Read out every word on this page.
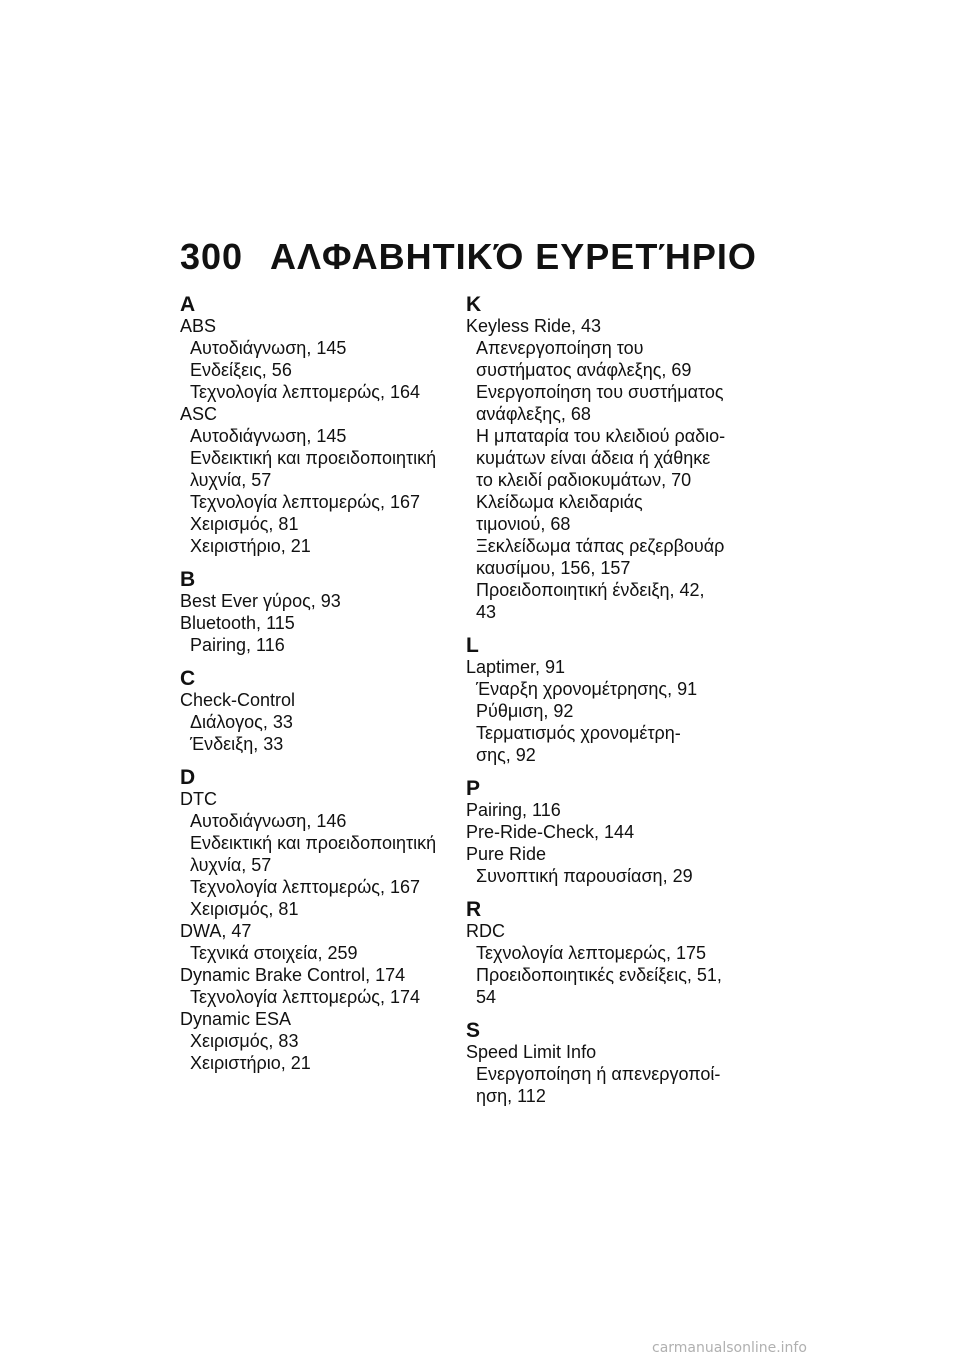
300 ΑΛΦΑΒΗΤΙΚΌ ΕΥΡΕΤΉΡΙΟ
A
ABS
Αυτοδιάγνωση, 145
Ενδείξεις, 56
Τεχνολογία λεπτομερώς, 164
ASC
Αυτοδιάγνωση, 145
Ενδεικτική και προειδοποιητική
λυχνία, 57
Τεχνολογία λεπτομερώς, 167
Χειρισμός, 81
Χειριστήριο, 21
B
Best Ever γύρος, 93
Bluetooth, 115
Pairing, 116
C
Check-Control
Διάλογος, 33
Ένδειξη, 33
D
DTC
Αυτοδιάγνωση, 146
Ενδεικτική και προειδοποιητική
λυχνία, 57
Τεχνολογία λεπτομερώς, 167
Χειρισμός, 81
DWA, 47
Τεχνικά στοιχεία, 259
Dynamic Brake Control, 174
Τεχνολογία λεπτομερώς, 174
Dynamic ESA
Χειρισμός, 83
Χειριστήριο, 21
K
Keyless Ride, 43
Απενεργοποίηση του
συστήματος ανάφλεξης, 69
Ενεργοποίηση του συστήματος
ανάφλεξης, 68
Η μπαταρία του κλειδιού ραδιο-
κυμάτων είναι άδεια ή χάθηκε
το κλειδί ραδιοκυμάτων, 70
Κλείδωμα κλειδαριάς
τιμονιού, 68
Ξεκλείδωμα τάπας ρεζερβουάρ
καυσίμου, 156, 157
Προειδοποιητική ένδειξη, 42,
43
L
Laptimer, 91
Έναρξη χρονομέτρησης, 91
Ρύθμιση, 92
Τερματισμός χρονομέτρη-
σης, 92
P
Pairing, 116
Pre-Ride-Check, 144
Pure Ride
Συνοπτική παρουσίαση, 29
R
RDC
Τεχνολογία λεπτομερώς, 175
Προειδοποιητικές ενδείξεις, 51,
54
S
Speed Limit Info
Ενεργοποίηση ή απενεργοποί-
ηση, 112
carmanualsonline.info
